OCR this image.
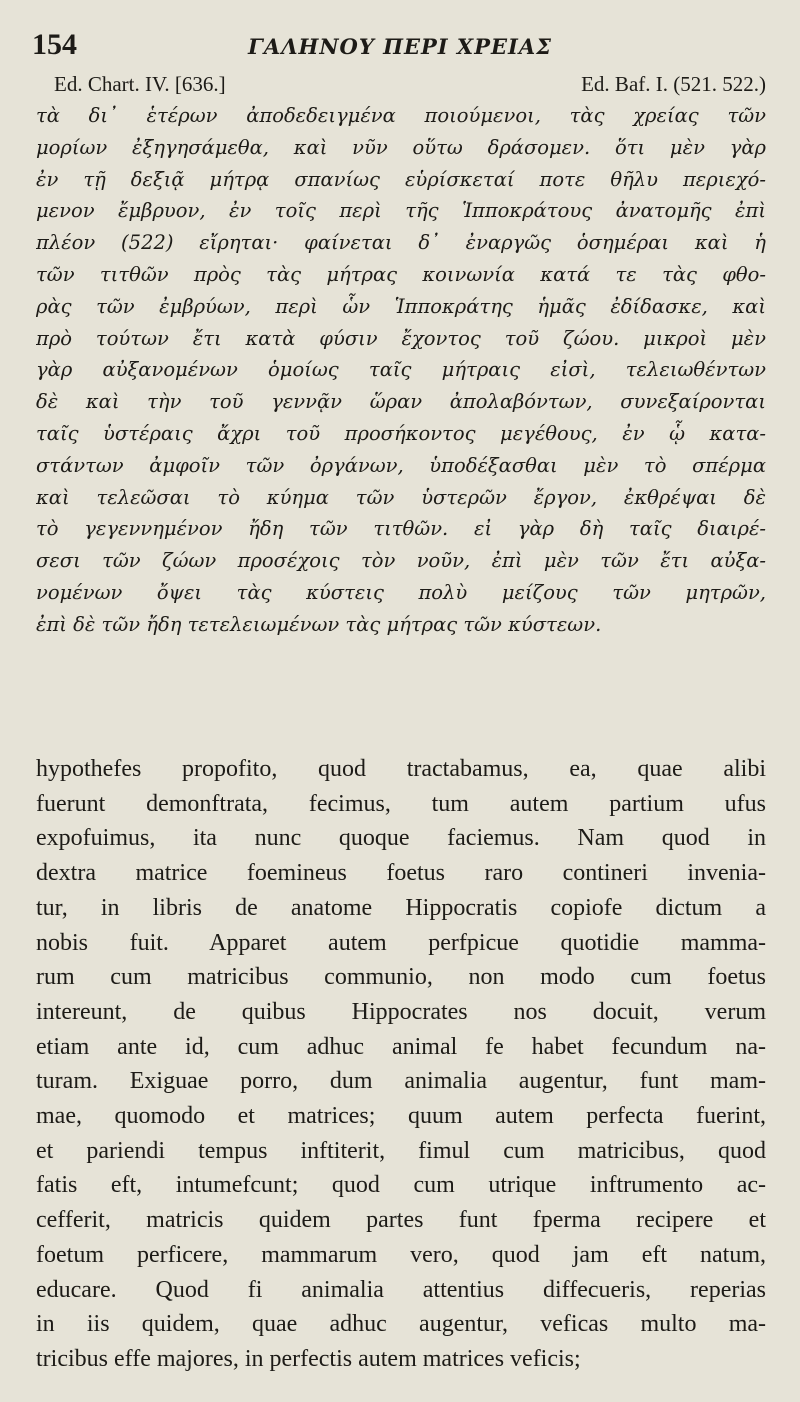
154	ΓΑΛΗΝΟΥ ΠΕΡΙ ΧΡΕΙΑΣ
Ed. Chart. IV. [636.]	Ed. Baf. I. (521. 522.)
τὰ δι᾿ ἑτέρων ἀποδεδειγμένα ποιούμενοι, τὰς χρείας τῶν
μορίων ἐξηγησάμεθα, καὶ νῦν οὕτω δράσομεν. ὅτι μὲν γὰρ
ἐν τῇ δεξιᾷ μήτρᾳ σπανίως εὑρίσκεταί ποτε θῆλυ περιεχό-
μενον ἔμβρυον, ἐν τοῖς περὶ τῆς Ἱπποκράτους ἀνατομῆς ἐπὶ
πλέον (522) εἴρηται· φαίνεται δ᾿ ἐναργῶς ὁσημέραι καὶ ἡ
τῶν τιτθῶν πρὸς τὰς μήτρας κοινωνία κατά τε τὰς φθο-
ρὰς τῶν ἐμβρύων, περὶ ὧν Ἱπποκράτης ἡμᾶς ἐδίδασκε, καὶ
πρὸ τούτων ἔτι κατὰ φύσιν ἔχοντος τοῦ ζώου. μικροὶ μὲν
γὰρ αὐξανομένων ὁμοίως ταῖς μήτραις εἰσὶ, τελειωθέντων
δὲ καὶ τὴν τοῦ γεννᾷν ὥραν ἀπολαβόντων, συνεξαίρονται
ταῖς ὑστέραις ἄχρι τοῦ προσήκοντος μεγέθους, ἐν ᾧ κατα-
στάντων ἀμφοῖν τῶν ὀργάνων, ὑποδέξασθαι μὲν τὸ σπέρμα
καὶ τελεῶσαι τὸ κύημα τῶν ὑστερῶν ἔργον, ἐκθρέψαι δὲ
τὸ γεγεννημένον ἤδη τῶν τιτθῶν. εἰ γὰρ δὴ ταῖς διαιρέ-
σεσι τῶν ζώων προσέχοις τὸν νοῦν, ἐπὶ μὲν τῶν ἔτι αὐξα-
νομένων ὄψει τὰς κύστεις πολὺ μείζους τῶν μητρῶν,
ἐπὶ δὲ τῶν ἤδη τετελειωμένων τὰς μήτρας τῶν κύστεων.
hypothefes propofito, quod tractabamus, ea, quae alibi
fuerunt demonftrata, fecimus, tum autem partium ufus
expofuimus, ita nunc quoque faciemus. Nam quod in
dextra matrice foemineus foetus raro contineri invenia-
tur, in libris de anatome Hippocratis copiofe dictum a
nobis fuit. Apparet autem perfpicue quotidie mamma-
rum cum matricibus communio, non modo cum foetus
intereunt, de quibus Hippocrates nos docuit, verum
etiam ante id, cum adhuc animal fe habet fecundum na-
turam. Exiguae porro, dum animalia augentur, funt mam-
mae, quomodo et matrices; quum autem perfecta fuerint,
et pariendi tempus inftiterit, fimul cum matricibus, quod
fatis eft, intumefcunt; quod cum utrique inftrumento ac-
cefferit, matricis quidem partes funt fperma recipere et
foetum perficere, mammarum vero, quod jam eft natum,
educare. Quod fi animalia attentius diffecueris, reperias
in iis quidem, quae adhuc augentur, veficas multo ma-
tricibus effe majores, in perfectis autem matrices veficis;
